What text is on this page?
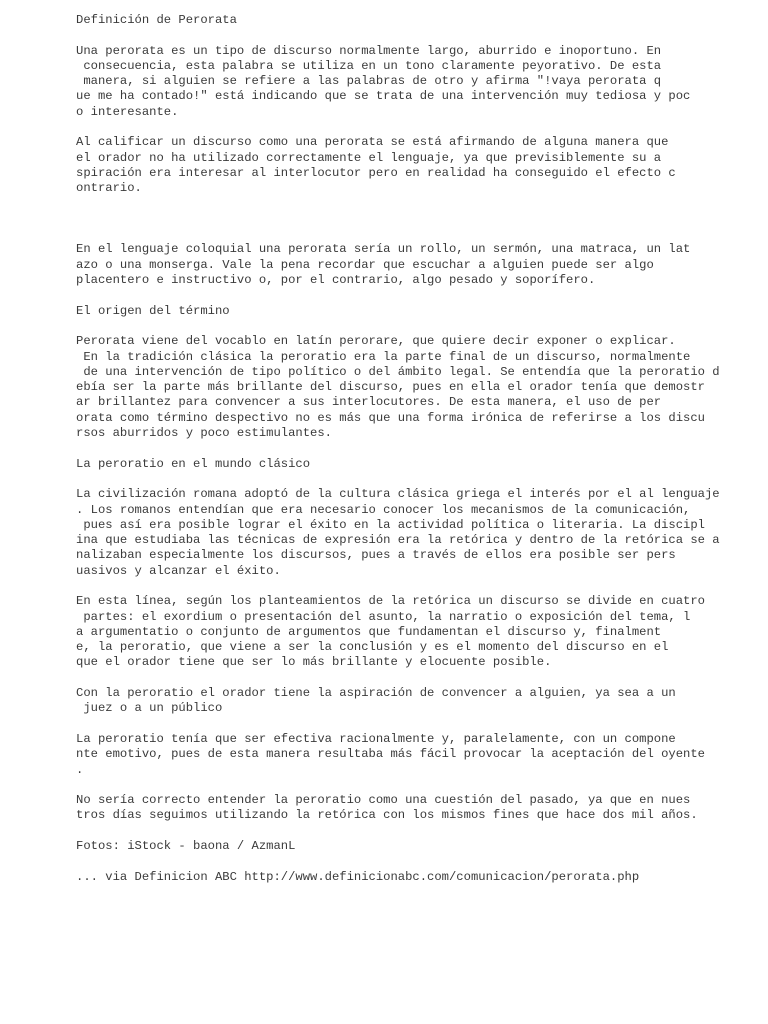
Definición de Perorata
Una perorata es un tipo de discurso normalmente largo, aburrido e inoportuno. En
consecuencia, esta palabra se utiliza en un tono claramente peyorativo. De esta
manera, si alguien se refiere a las palabras de otro y afirma "!vaya perorata q
ue me ha contado!" está indicando que se trata de una intervención muy tediosa y poc
o interesante.
Al calificar un discurso como una perorata se está afirmando de alguna manera que
el orador no ha utilizado correctamente el lenguaje, ya que previsiblemente su a
spiración era interesar al interlocutor pero en realidad ha conseguido el efecto c
ontrario.
En el lenguaje coloquial una perorata sería un rollo, un sermón, una matraca, un lat
azo o una monserga. Vale la pena recordar que escuchar a alguien puede ser algo
placentero e instructivo o, por el contrario, algo pesado y soporífero.
El origen del término
Perorata viene del vocablo en latín perorare, que quiere decir exponer o explicar.
En la tradición clásica la peroratio era la parte final de un discurso, normalmente
de una intervención de tipo político o del ámbito legal. Se entendía que la peroratio d
ebía ser la parte más brillante del discurso, pues en ella el orador tenía que demostr
ar brillantez para convencer a sus interlocutores. De esta manera, el uso de per
orata como término despectivo no es más que una forma irónica de referirse a los discu
rsos aburridos y poco estimulantes.
La peroratio en el mundo clásico
La civilización romana adoptó de la cultura clásica griega el interés por el al lenguaje
. Los romanos entendían que era necesario conocer los mecanismos de la comunicación,
pues así era posible lograr el éxito en la actividad política o literaria. La discipl
ina que estudiaba las técnicas de expresión era la retórica y dentro de la retórica se a
nalizaban especialmente los discursos, pues a través de ellos era posible ser pers
uasivos y alcanzar el éxito.
En esta línea, según los planteamientos de la retórica un discurso se divide en cuatro
partes: el exordium o presentación del asunto, la narratio o exposición del tema, l
a argumentatio o conjunto de argumentos que fundamentan el discurso y, finalment
e, la peroratio, que viene a ser la conclusión y es el momento del discurso en el
que el orador tiene que ser lo más brillante y elocuente posible.
Con la peroratio el orador tiene la aspiración de convencer a alguien, ya sea a un
juez o a un público
La peroratio tenía que ser efectiva racionalmente y, paralelamente, con un compone
nte emotivo, pues de esta manera resultaba más fácil provocar la aceptación del oyente
.
No sería correcto entender la peroratio como una cuestión del pasado, ya que en nues
tros días seguimos utilizando la retórica con los mismos fines que hace dos mil años.
Fotos: iStock - baona / AzmanL
... via Definicion ABC http://www.definicionabc.com/comunicacion/perorata.php
